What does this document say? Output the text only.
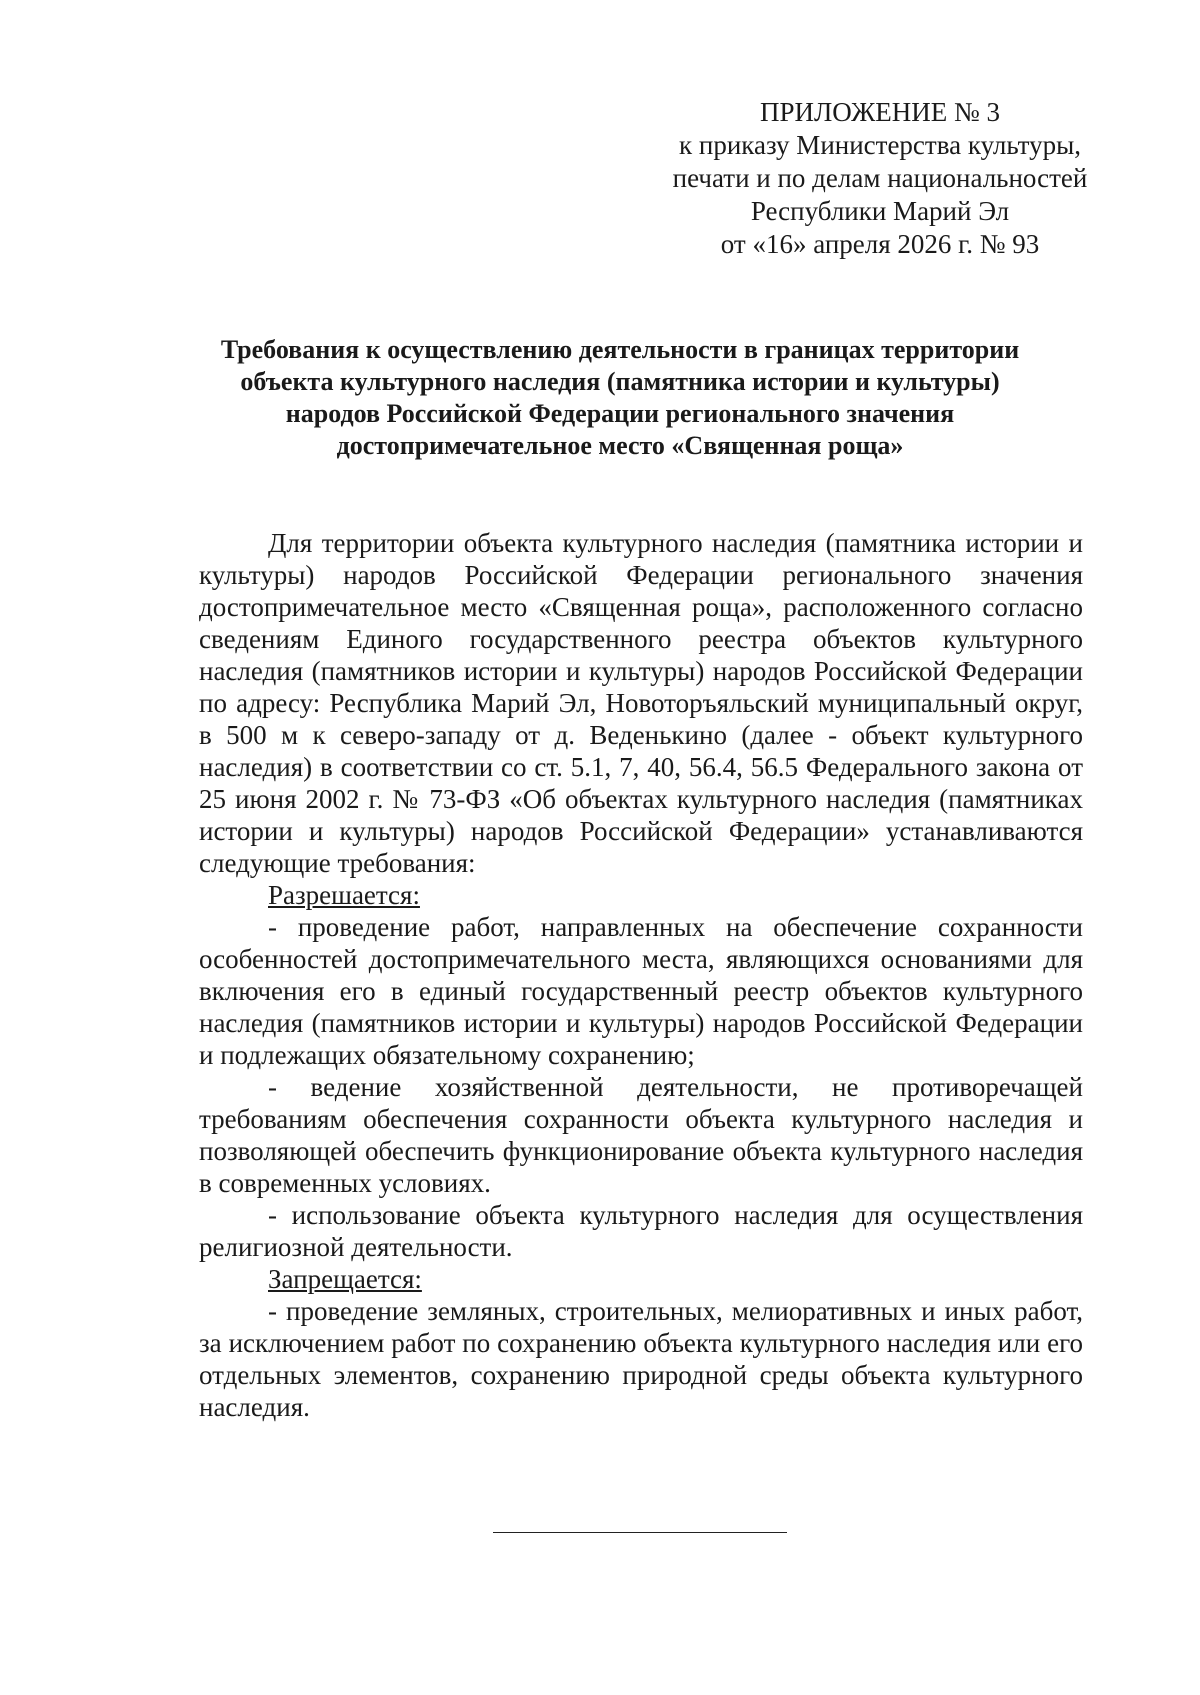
ПРИЛОЖЕНИЕ № 3
к приказу Министерства культуры,
печати и по делам национальностей
Республики Марий Эл
от «16» апреля 2026 г. № 93
Требования к осуществлению деятельности в границах территории
объекта культурного наследия (памятника истории и культуры)
народов Российской Федерации регионального значения
достопримечательное место «Священная роща»

Для территории объекта культурного наследия (памятника истории и культуры) народов Российской Федерации регионального значения достопримечательное место «Священная роща», расположенного согласно сведениям Единого государственного реестра объектов культурного наследия (памятников истории и культуры) народов Российской Федерации по адресу: Республика Марий Эл, Новоторъяльский муниципальный округ, в 500 м к северо-западу от д. Веденькино (далее - объект культурного наследия) в соответствии со ст. 5.1, 7, 40, 56.4, 56.5 Федерального закона от 25 июня 2002 г. № 73-ФЗ «Об объектах культурного наследия (памятниках истории и культуры) народов Российской Федерации» устанавливаются следующие требования:

Разрешается:

- проведение работ, направленных на обеспечение сохранности особенностей достопримечательного места, являющихся основаниями для включения его в единый государственный реестр объектов культурного наследия (памятников истории и культуры) народов Российской Федерации и подлежащих обязательному сохранению;

- ведение хозяйственной деятельности, не противоречащей требованиям обеспечения сохранности объекта культурного наследия и позволяющей обеспечить функционирование объекта культурного наследия в современных условиях.

- использование объекта культурного наследия для осуществления религиозной деятельности.

Запрещается:

- проведение земляных, строительных, мелиоративных и иных работ, за исключением работ по сохранению объекта культурного наследия или его отдельных элементов, сохранению природной среды объекта культурного наследия.
